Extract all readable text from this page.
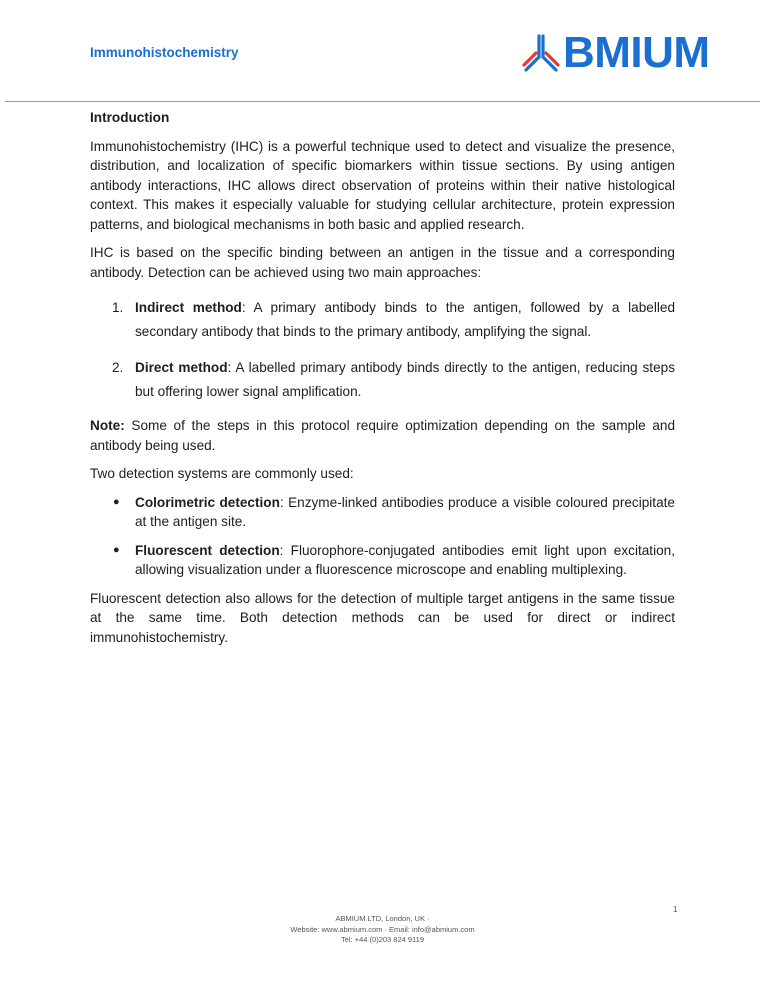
Immunohistochemistry	BMIUM

Introduction

Immunohistochemistry (IHC) is a powerful technique used to detect and visualize the presence, distribution, and localization of specific biomarkers within tissue sections. By using antigen antibody interactions, IHC allows direct observation of proteins within their native histological context. This makes it especially valuable for studying cellular architecture, protein expression patterns, and biological mechanisms in both basic and applied research.

IHC is based on the specific binding between an antigen in the tissue and a corresponding antibody. Detection can be achieved using two main approaches:

1. Indirect method: A primary antibody binds to the antigen, followed by a labelled secondary antibody that binds to the primary antibody, amplifying the signal.
2. Direct method: A labelled primary antibody binds directly to the antigen, reducing steps but offering lower signal amplification.

Note: Some of the steps in this protocol require optimization depending on the sample and antibody being used.

Two detection systems are commonly used:

● Colorimetric detection: Enzyme-linked antibodies produce a visible coloured precipitate at the antigen site.
● Fluorescent detection: Fluorophore-conjugated antibodies emit light upon excitation, allowing visualization under a fluorescence microscope and enabling multiplexing.

Fluorescent detection also allows for the detection of multiple target antigens in the same tissue at the same time. Both detection methods can be used for direct or indirect immunohistochemistry.

1
ABMIUM LTD, London, UK ·
Website: www.abmium.com · Email: info@abmium.com
Tel: +44 (0)203 824 9119
